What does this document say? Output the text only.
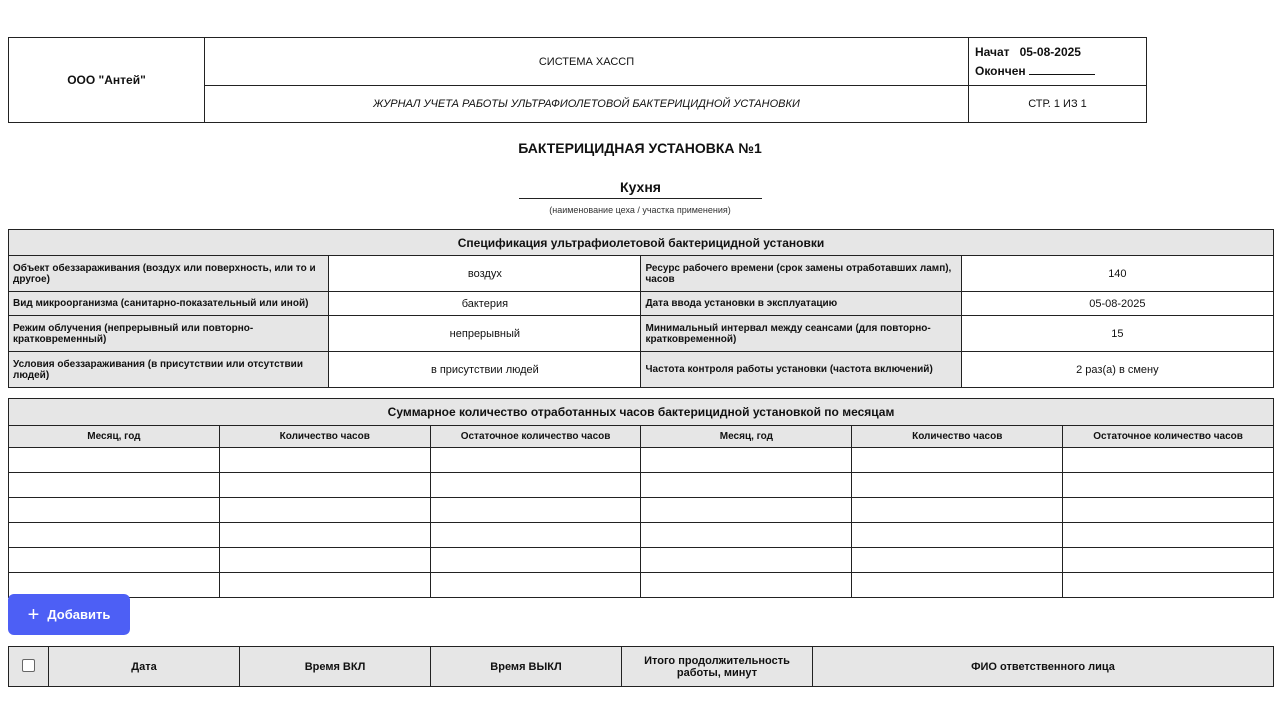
ООО "Антей"	СИСТЕМА ХАССП	Начат 05-08-2025
Окончен

	ЖУРНАЛ УЧЕТА РАБОТЫ УЛЬТРАФИОЛЕТОВОЙ БАКТЕРИЦИДНОЙ УСТАНОВКИ	СТР. 1 ИЗ 1
БАКТЕРИЦИДНАЯ УСТАНОВКА №1
Кухня
(наименование цеха / участка применения)
Спецификация ультрафиолетовой бактерицидной установки			
Объект обеззараживания (воздух или поверхность, или то и другое)	воздух	Ресурс рабочего времени (срок замены отработавших ламп), часов	140
Вид микроорганизма (санитарно-показательный или иной)	бактерия	Дата ввода установки в эксплуатацию	05-08-2025
Режим облучения (непрерывный или повторно-кратковременный)	непрерывный	Минимальный интервал между сеансами (для повторно-кратковременной)	15
Условия обеззараживания (в присутствии или отсутствии людей)	в присутствии людей	Частота контроля работы установки (частота включений)	2 раз(а) в смену
Суммарное количество отработанных часов бактерицидной установкой по месяцам					
Месяц, год	Количество часов	Остаточное количество часов	Месяц, год	Количество часов	Остаточное количество часов

+ Добавить
	Дата	Время ВКЛ	Время ВЫКЛ	Итого продолжительность работы, минут	ФИО ответственного лица
